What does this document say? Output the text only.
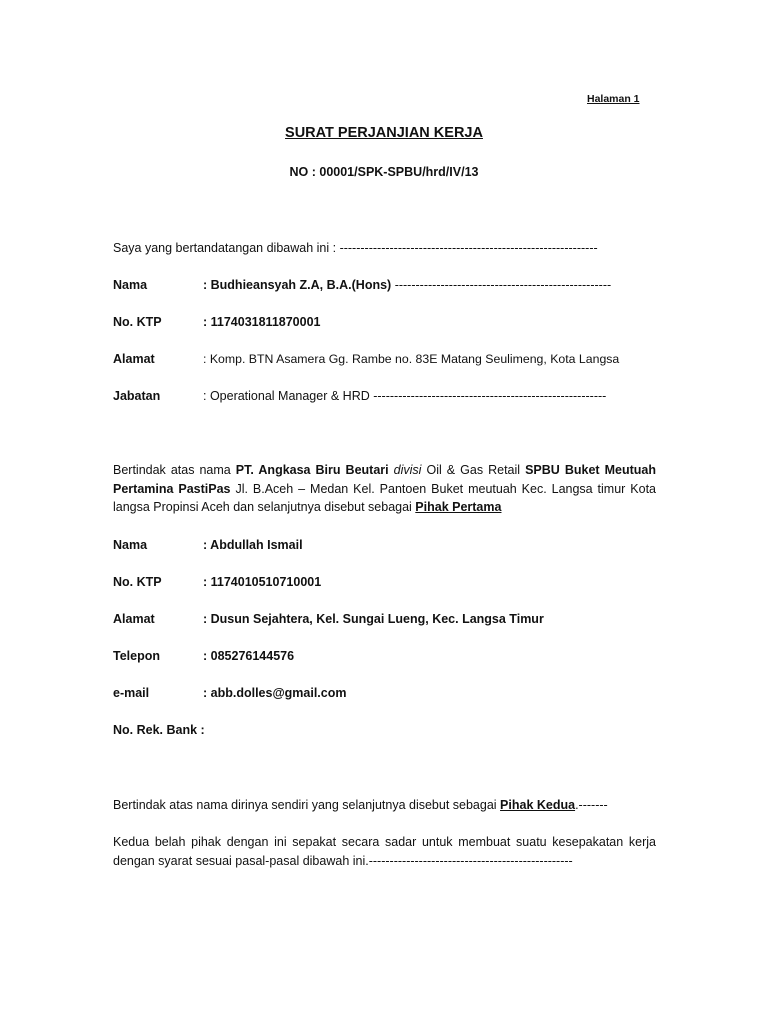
Halaman 1
SURAT PERJANJIAN KERJA
NO : 00001/SPK-SPBU/hrd/IV/13
Saya yang bertandatangan dibawah ini : --------------------------------------------------------------
Nama	: Budhieansyah Z.A, B.A.(Hons) ----------------------------------------------------
No. KTP	: 1174031811870001
Alamat	: Komp. BTN Asamera Gg. Rambe no. 83E Matang Seulimeng, Kota Langsa
Jabatan	: Operational Manager & HRD --------------------------------------------------------
Bertindak atas nama PT. Angkasa Biru Beutari divisi Oil & Gas Retail SPBU Buket Meutuah Pertamina PastiPas Jl. B.Aceh – Medan Kel. Pantoen Buket meutuah Kec. Langsa timur Kota langsa Propinsi Aceh dan selanjutnya disebut sebagai Pihak Pertama
Nama	: Abdullah Ismail
No. KTP	: 1174010510710001
Alamat	: Dusun Sejahtera, Kel. Sungai Lueng, Kec. Langsa Timur
Telepon	: 085276144576
e-mail	: abb.dolles@gmail.com
No. Rek. Bank :
Bertindak atas nama dirinya sendiri yang selanjutnya disebut sebagai Pihak Kedua.-------
Kedua belah pihak dengan ini sepakat secara sadar untuk membuat suatu kesepakatan kerja dengan syarat sesuai pasal-pasal dibawah ini.-------------------------------------------------
